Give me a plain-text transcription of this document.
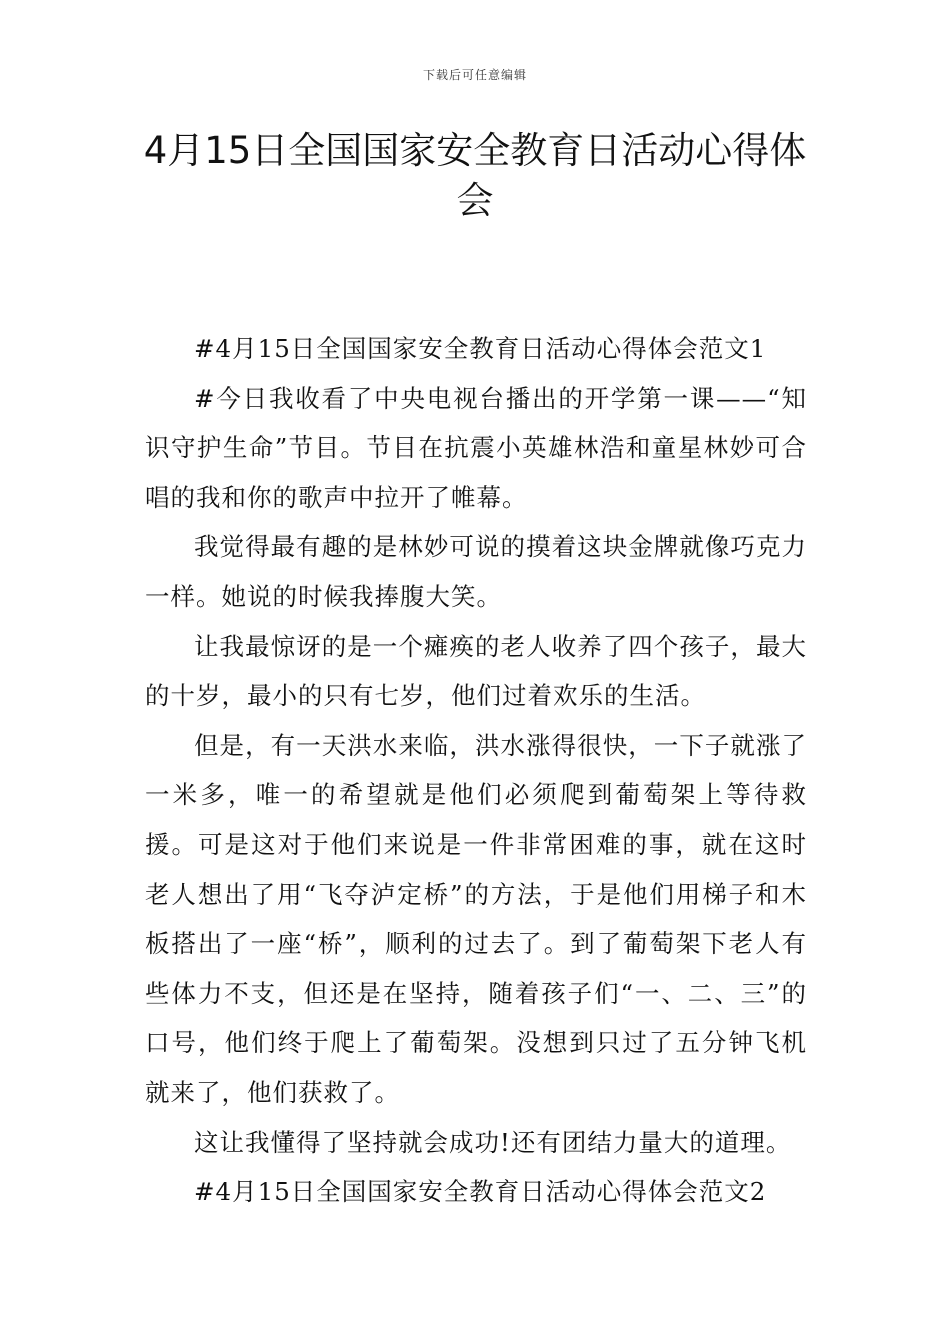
下载后可任意编辑
4月15日全国国家安全教育日活动心得体会

#4月15日全国国家安全教育日活动心得体会范文1

#今日我收看了中央电视台播出的开学第一课——“知识守护生命”节目。节目在抗震小英雄林浩和童星林妙可合唱的我和你的歌声中拉开了帷幕。

我觉得最有趣的是林妙可说的摸着这块金牌就像巧克力一样。她说的时候我捧腹大笑。

让我最惊讶的是一个瘫痪的老人收养了四个孩子，最大的十岁，最小的只有七岁，他们过着欢乐的生活。

但是，有一天洪水来临，洪水涨得很快，一下子就涨了一米多，唯一的希望就是他们必须爬到葡萄架上等待救援。可是这对于他们来说是一件非常困难的事，就在这时老人想出了用“飞夺泸定桥”的方法，于是他们用梯子和木板搭出了一座“桥”，顺利的过去了。到了葡萄架下老人有些体力不支，但还是在坚持，随着孩子们“一、二、三”的口号，他们终于爬上了葡萄架。没想到只过了五分钟飞机就来了，他们获救了。

这让我懂得了坚持就会成功!还有团结力量大的道理。

#4月15日全国国家安全教育日活动心得体会范文2
